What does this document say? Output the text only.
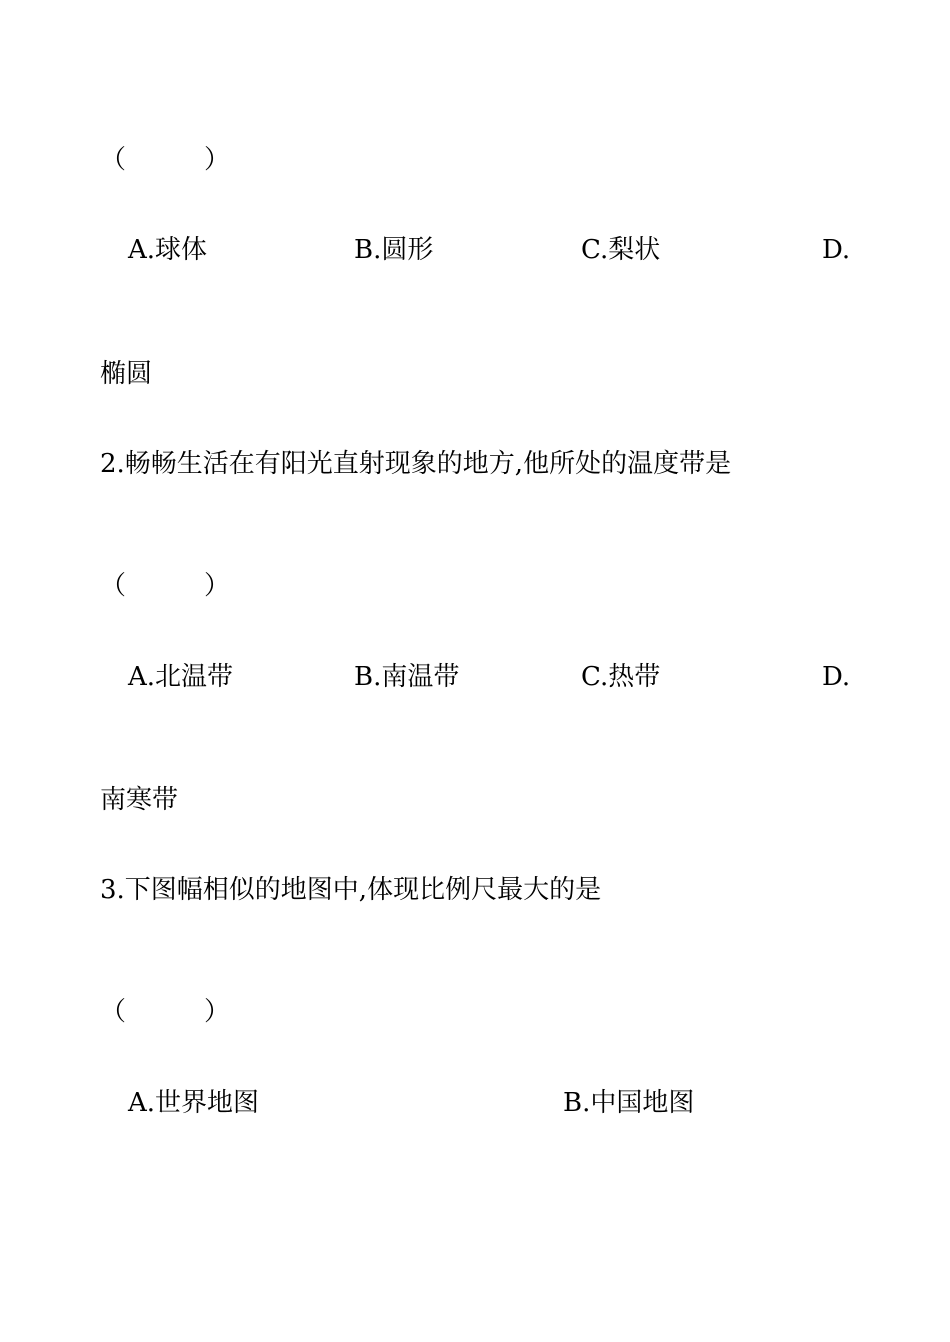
（　　　）
A.球体	B.圆形	C.梨状	D.
椭圆
2.畅畅生活在有阳光直射现象的地方,他所处的温度带是
（　　　）
A.北温带	B.南温带	C.热带	D.
南寒带
3.下图幅相似的地图中,体现比例尺最大的是
（　　　）
A.世界地图	B.中国地图
